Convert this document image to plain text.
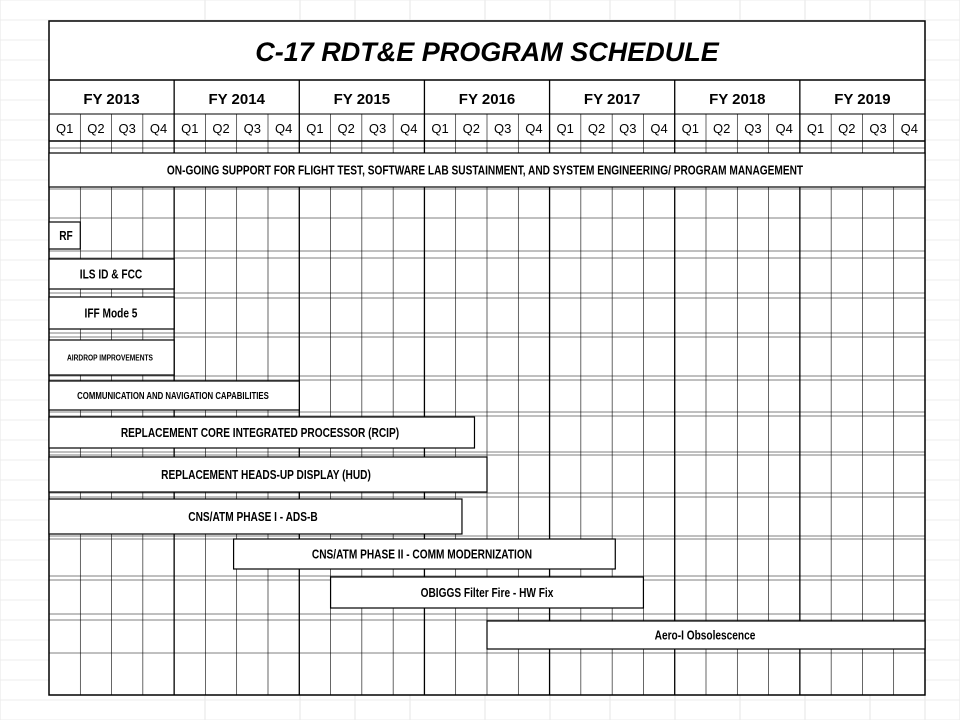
C-17 RDT&E PROGRAM SCHEDULE
FY 2013	FY 2014	FY 2015	FY 2016	FY 2017	FY 2018	FY 2019
Q1 Q2 Q3 Q4 Q1 Q2 Q3 Q4 Q1 Q2 Q3 Q4 Q1 Q2 Q3 Q4 Q1 Q2 Q3 Q4 Q1 Q2 Q3 Q4 Q1 Q2 Q3 Q4
ON-GOING SUPPORT FOR FLIGHT TEST, SOFTWARE LAB SUSTAINMENT, AND SYSTEM ENGINEERING/ PROGRAM MANAGEMENT
RF
ILS ID & FCC
IFF Mode 5
AIRDROP IMPROVEMENTS
COMMUNICATION AND NAVIGATION CAPABILITIES
REPLACEMENT CORE INTEGRATED PROCESSOR (RCIP)
REPLACEMENT HEADS-UP DISPLAY (HUD)
CNS/ATM PHASE I - ADS-B
CNS/ATM PHASE II - COMM MODERNIZATION
OBIGGS Filter Fire - HW Fix
Aero-I Obsolescence
